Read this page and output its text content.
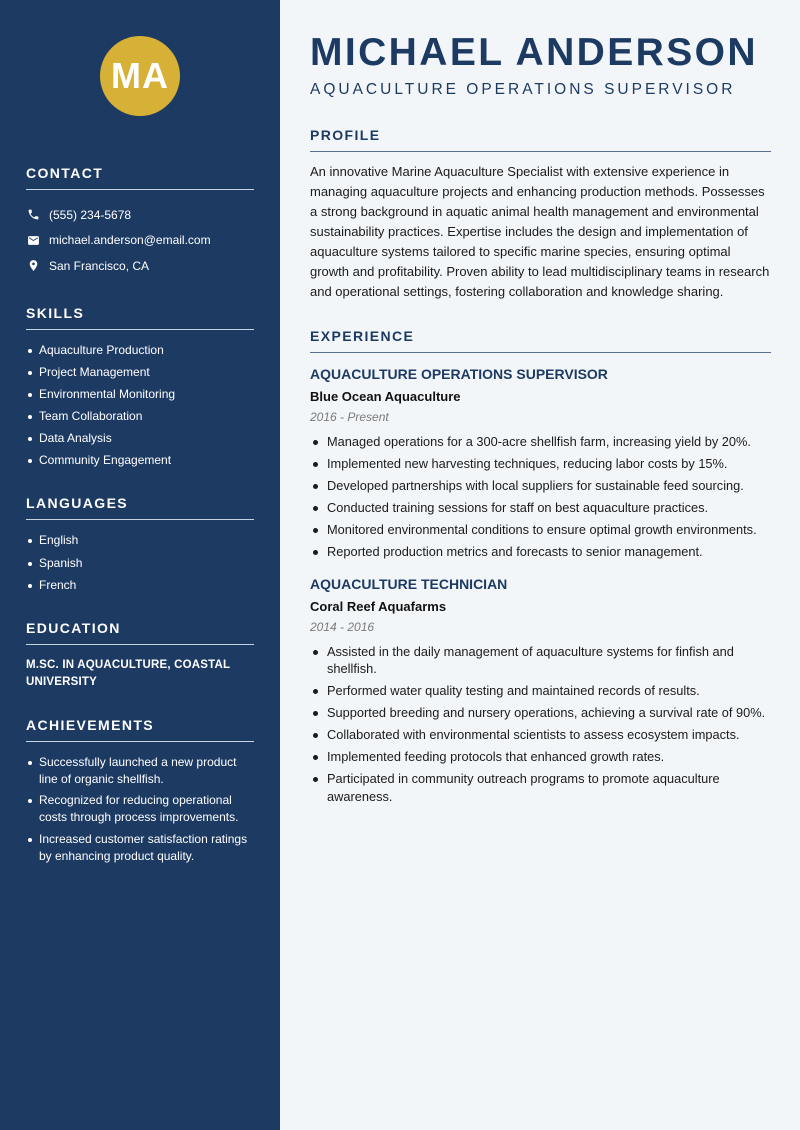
MA
CONTACT
(555) 234-5678
michael.anderson@email.com
San Francisco, CA
SKILLS
Aquaculture Production
Project Management
Environmental Monitoring
Team Collaboration
Data Analysis
Community Engagement
LANGUAGES
English
Spanish
French
EDUCATION
M.SC. IN AQUACULTURE, COASTAL UNIVERSITY
ACHIEVEMENTS
Successfully launched a new product line of organic shellfish.
Recognized for reducing operational costs through process improvements.
Increased customer satisfaction ratings by enhancing product quality.
MICHAEL ANDERSON
AQUACULTURE OPERATIONS SUPERVISOR
PROFILE

An innovative Marine Aquaculture Specialist with extensive experience in managing aquaculture projects and enhancing production methods. Possesses a strong background in aquatic animal health management and environmental sustainability practices. Expertise includes the design and implementation of aquaculture systems tailored to specific marine species, ensuring optimal growth and profitability. Proven ability to lead multidisciplinary teams in research and operational settings, fostering collaboration and knowledge sharing.

EXPERIENCE
AQUACULTURE OPERATIONS SUPERVISOR
Blue Ocean Aquaculture
2016 - Present
Managed operations for a 300-acre shellfish farm, increasing yield by 20%.
Implemented new harvesting techniques, reducing labor costs by 15%.
Developed partnerships with local suppliers for sustainable feed sourcing.
Conducted training sessions for staff on best aquaculture practices.
Monitored environmental conditions to ensure optimal growth environments.
Reported production metrics and forecasts to senior management.
AQUACULTURE TECHNICIAN
Coral Reef Aquafarms
2014 - 2016
Assisted in the daily management of aquaculture systems for finfish and shellfish.
Performed water quality testing and maintained records of results.
Supported breeding and nursery operations, achieving a survival rate of 90%.
Collaborated with environmental scientists to assess ecosystem impacts.
Implemented feeding protocols that enhanced growth rates.
Participated in community outreach programs to promote aquaculture awareness.
